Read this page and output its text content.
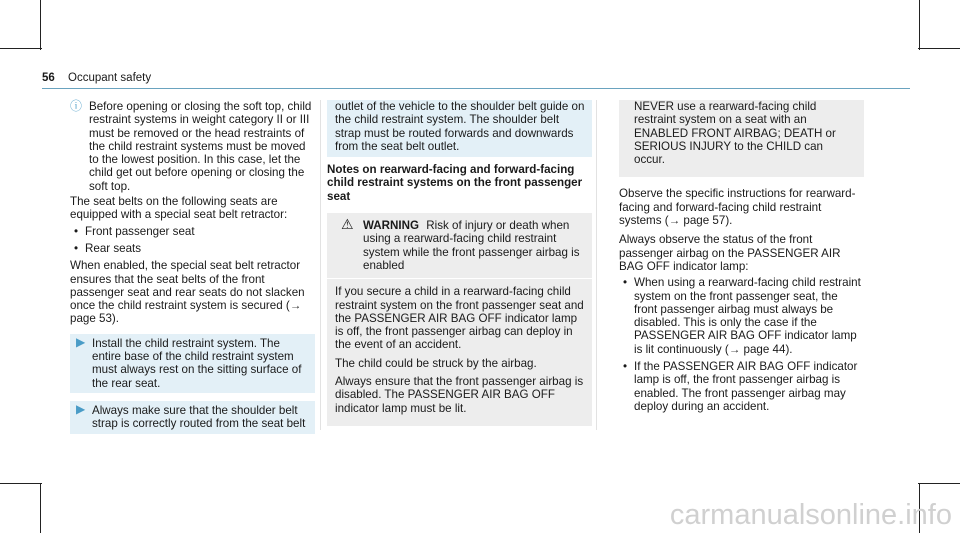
56 Occupant safety
ⓘ Before opening or closing the soft top, child restraint systems in weight category II or III must be removed or the head restraints of the child restraint systems must be moved to the lowest position. In this case, let the child get out before opening or closing the soft top.

The seat belts on the following seats are equipped with a special seat belt retractor:

• Front passenger seat
• Rear seats

When enabled, the special seat belt retractor ensures that the seat belts of the front passenger seat and rear seats do not slacken once the child restraint system is secured (→ page 53).

▶ Install the child restraint system. The entire base of the child restraint system must always rest on the sitting surface of the rear seat.
▶ Always make sure that the shoulder belt strap is correctly routed from the seat belt
outlet of the vehicle to the shoulder belt guide on the child restraint system. The shoulder belt strap must be routed forwards and downwards from the seat belt outlet.
Notes on rearward-facing and forward-facing child restraint systems on the front passenger seat
⚠ WARNING Risk of injury or death when using a rearward-facing child restraint system while the front passenger airbag is enabled

If you secure a child in a rearward-facing child restraint system on the front passenger seat and the PASSENGER AIR BAG OFF indicator lamp is off, the front passenger airbag can deploy in the event of an accident.

The child could be struck by the airbag.

Always ensure that the front passenger airbag is disabled. The PASSENGER AIR BAG OFF indicator lamp must be lit.

NEVER use a rearward-facing child restraint system on a seat with an ENABLED FRONT AIRBAG; DEATH or SERIOUS INJURY to the CHILD can occur.

Observe the specific instructions for rearward-facing and forward-facing child restraint systems (→ page 57).

Always observe the status of the front passenger airbag on the PASSENGER AIR BAG OFF indicator lamp:

• When using a rearward-facing child restraint system on the front passenger seat, the front passenger airbag must always be disabled. This is only the case if the PASSENGER AIR BAG OFF indicator lamp is lit continuously (→ page 44).
• If the PASSENGER AIR BAG OFF indicator lamp is off, the front passenger airbag is enabled. The front passenger airbag may deploy during an accident.
carmanualsonline.info
